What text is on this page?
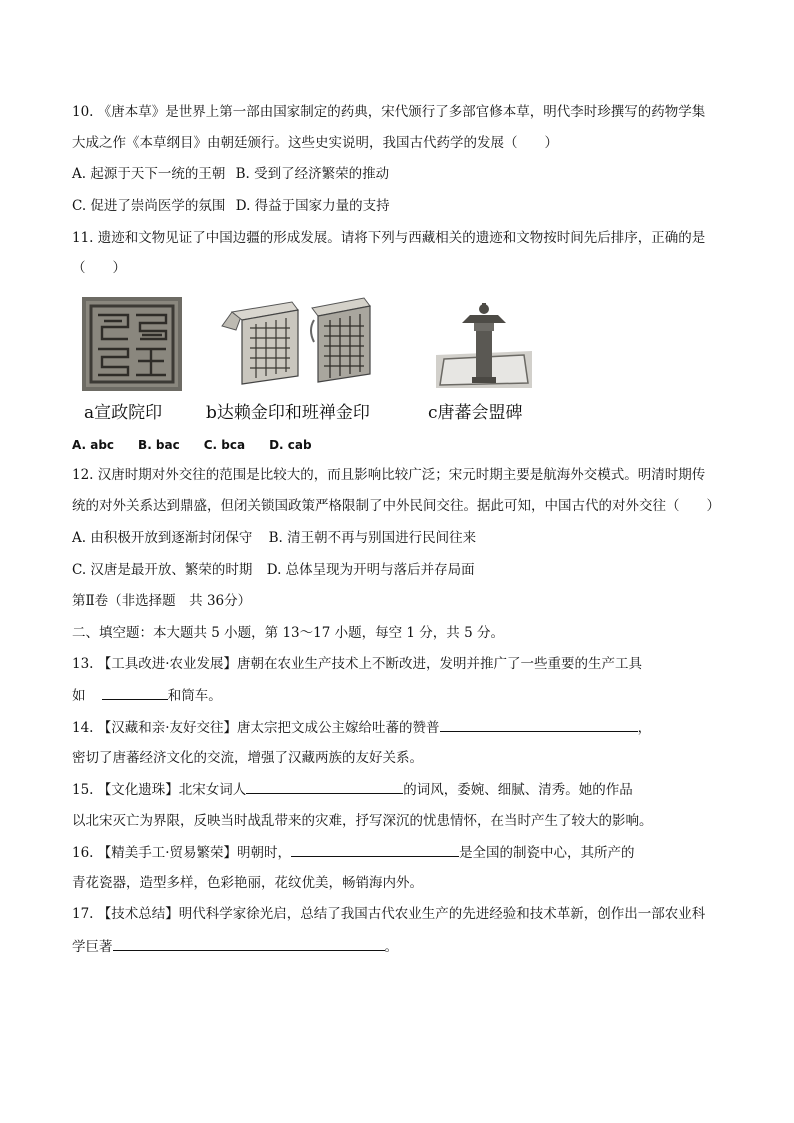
10. 《唐本草》是世界上第一部由国家制定的药典，宋代颁行了多部官修本草，明代李时珍撰写的药物学集
大成之作《本草纲目》由朝廷颁行。这些史实说明，我国古代药学的发展（　　）
A. 起源于天下一统的王朝 B. 受到了经济繁荣的推动
C. 促进了崇尚医学的氛围 D. 得益于国家力量的支持
11. 遗迹和文物见证了中国边疆的形成发展。请将下列与西藏相关的遗迹和文物按时间先后排序，正确的是
（　　）
a宣政院印	b达赖金印和班禅金印	c唐蕃会盟碑
A. abc　　B. bac　　C. bca　　D. cab
12. 汉唐时期对外交往的范围是比较大的，而且影响比较广泛；宋元时期主要是航海外交模式。明清时期传
统的对外关系达到鼎盛，但闭关锁国政策严格限制了中外民间交往。据此可知，中国古代的对外交往（　　）
A. 由积极开放到逐渐封闭保守 B. 清王朝不再与别国进行民间往来
C. 汉唐是最开放、繁荣的时期 D. 总体呈现为开明与落后并存局面
第Ⅱ卷（非选择题　共 36分）
二、填空题：本大题共 5 小题，第 13～17 小题，每空 1 分，共 5 分。
13. 【工具改进·农业发展】唐朝在农业生产技术上不断改进，发明并推广了一些重要的生产工具
如	和筒车。
14. 【汉藏和亲·友好交往】唐太宗把文成公主嫁给吐蕃的赞普	，
密切了唐蕃经济文化的交流，增强了汉藏两族的友好关系。
15. 【文化遗珠】北宋女词人	的词风，委婉、细腻、清秀。她的作品
以北宋灭亡为界限，反映当时战乱带来的灾难，抒写深沉的忧患情怀，在当时产生了较大的影响。
16. 【精美手工·贸易繁荣】明朝时，	是全国的制瓷中心，其所产的
青花瓷器，造型多样，色彩艳丽，花纹优美，畅销海内外。
17. 【技术总结】明代科学家徐光启，总结了我国古代农业生产的先进经验和技术革新，创作出一部农业科
学巨著	。
